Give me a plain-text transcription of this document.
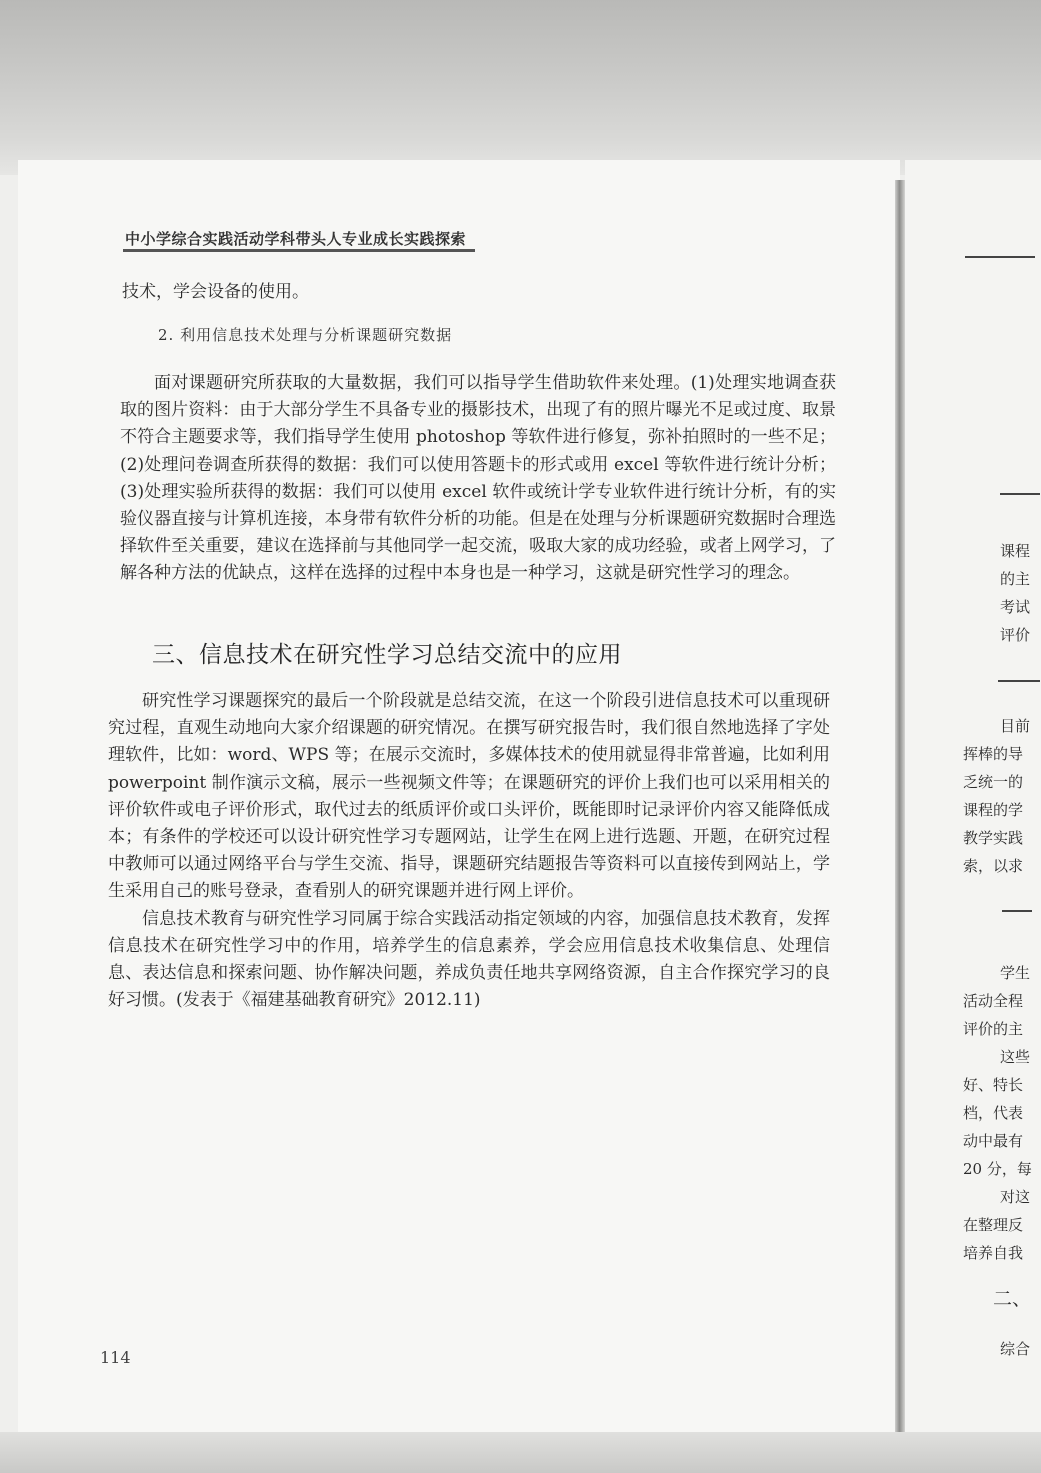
中小学综合实践活动学科带头人专业成长实践探索

技术，学会设备的使用。

2. 利用信息技术处理与分析课题研究数据

面对课题研究所获取的大量数据，我们可以指导学生借助软件来处理。(1)处理实地调查获取的图片资料：由于大部分学生不具备专业的摄影技术，出现了有的照片曝光不足或过度、取景不符合主题要求等，我们指导学生使用 photoshop 等软件进行修复，弥补拍照时的一些不足；(2)处理问卷调查所获得的数据：我们可以使用答题卡的形式或用 excel 等软件进行统计分析；(3)处理实验所获得的数据：我们可以使用 excel 软件或统计学专业软件进行统计分析，有的实验仪器直接与计算机连接，本身带有软件分析的功能。但是在处理与分析课题研究数据时合理选择软件至关重要，建议在选择前与其他同学一起交流，吸取大家的成功经验，或者上网学习，了解各种方法的优缺点，这样在选择的过程中本身也是一种学习，这就是研究性学习的理念。

三、信息技术在研究性学习总结交流中的应用

研究性学习课题探究的最后一个阶段就是总结交流，在这一个阶段引进信息技术可以重现研究过程，直观生动地向大家介绍课题的研究情况。在撰写研究报告时，我们很自然地选择了字处理软件，比如：word、WPS 等；在展示交流时，多媒体技术的使用就显得非常普遍，比如利用 powerpoint 制作演示文稿，展示一些视频文件等；在课题研究的评价上我们也可以采用相关的评价软件或电子评价形式，取代过去的纸质评价或口头评价，既能即时记录评价内容又能降低成本；有条件的学校还可以设计研究性学习专题网站，让学生在网上进行选题、开题，在研究过程中教师可以通过网络平台与学生交流、指导，课题研究结题报告等资料可以直接传到网站上，学生采用自己的账号登录，查看别人的研究课题并进行网上评价。

信息技术教育与研究性学习同属于综合实践活动指定领域的内容，加强信息技术教育，发挥信息技术在研究性学习中的作用，培养学生的信息素养，学会应用信息技术收集信息、处理信息、表达信息和探索问题、协作解决问题，养成负责任地共享网络资源，自主合作探究学习的良好习惯。(发表于《福建基础教育研究》2012.11)

114
课程
的主
考试
评价
目前
挥棒的导
乏统一的
课程的学
教学实践
索，以求
学生
活动全程
评价的主
这些
好、特长
档，代表
动中最有
20 分，每
对这
在整理反
培养自我
二、
综合
